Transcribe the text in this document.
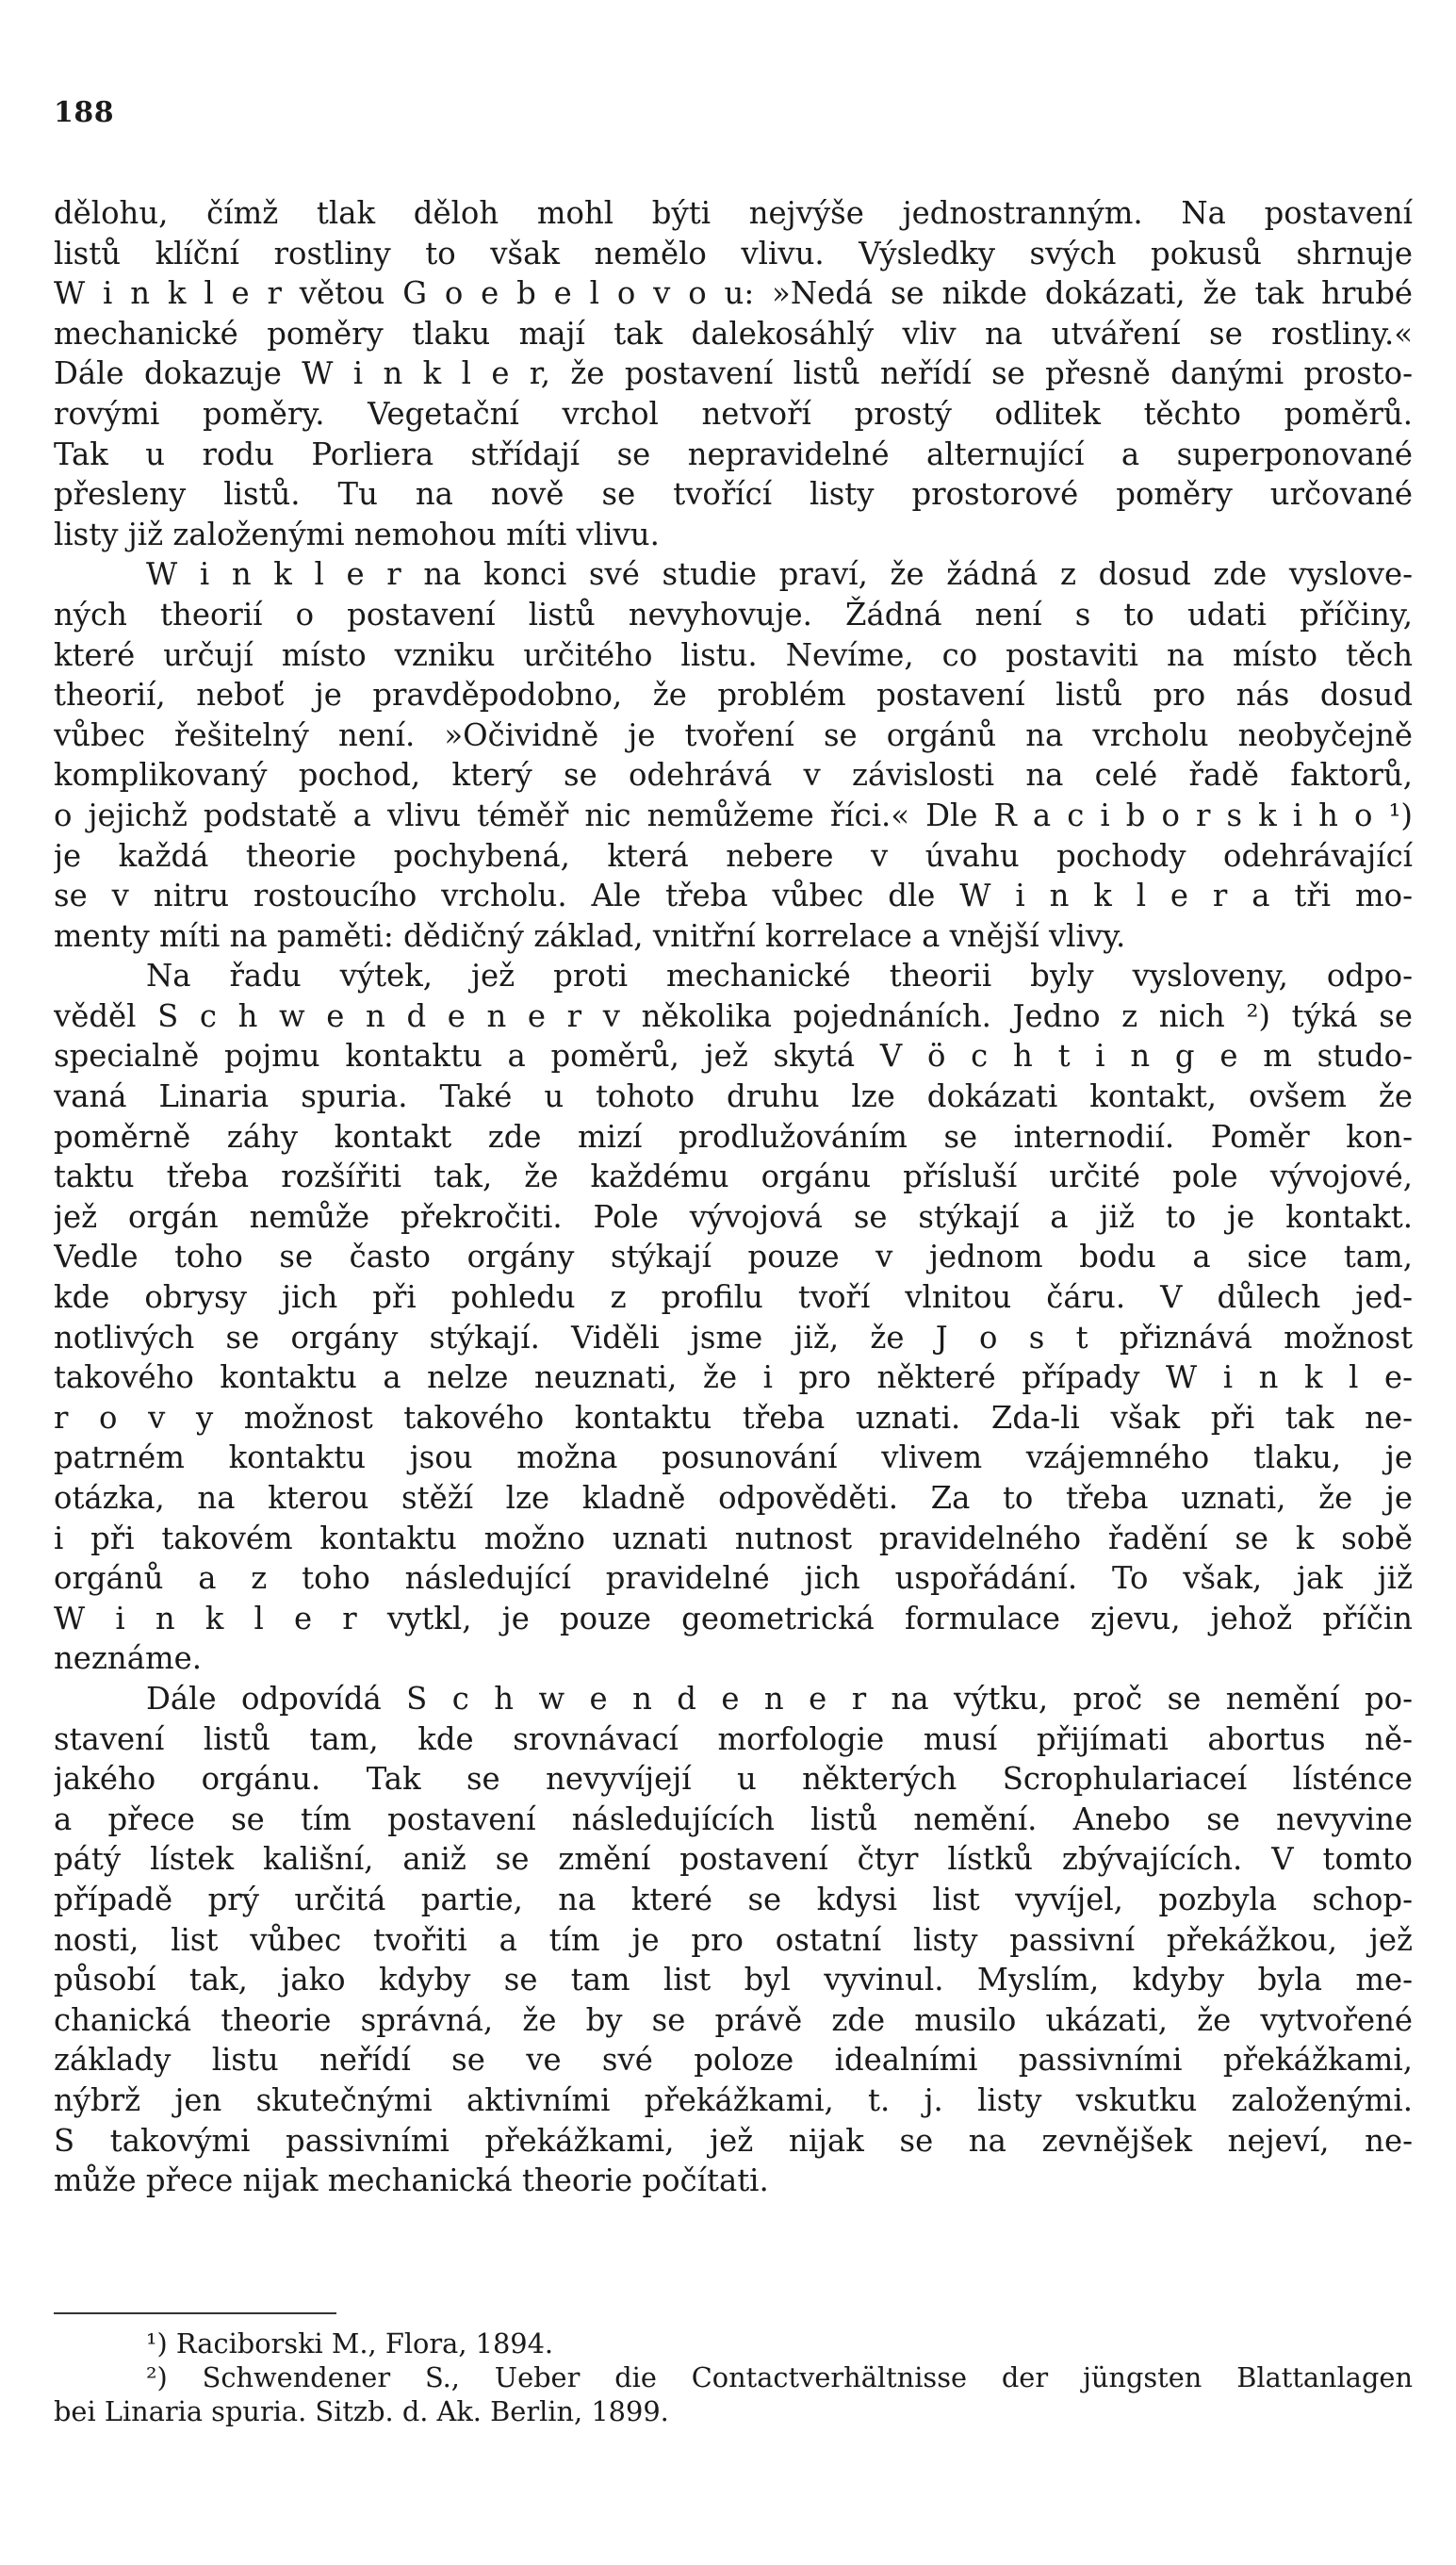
188
dělohu, čímž tlak děloh mohl býti nejvýše jednostranným. Na postavení
listů klíční rostliny to však nemělo vlivu. Výsledky svých pokusů shrnuje
W i n k l e r větou G o e b e l o v o u: »Nedá se nikde dokázati, že tak hrubé
mechanické poměry tlaku mají tak dalekosáhlý vliv na utváření se rostliny.«
Dále dokazuje W i n k l e r, že postavení listů neřídí se přesně danými prosto-
rovými poměry. Vegetační vrchol netvoří prostý odlitek těchto poměrů.
Tak u rodu Porliera střídají se nepravidelné alternující a superponované
přesleny listů. Tu na nově se tvořící listy prostorové poměry určované
listy již založenými nemohou míti vlivu.
W i n k l e r na konci své studie praví, že žádná z dosud zde vyslove-
ných theorií o postavení listů nevyhovuje. Žádná není s to udati příčiny,
které určují místo vzniku určitého listu. Nevíme, co postaviti na místo těch
theorií, neboť je pravděpodobno, že problém postavení listů pro nás dosud
vůbec řešitelný není. »Očividně je tvoření se orgánů na vrcholu neobyčejně
komplikovaný pochod, který se odehrává v závislosti na celé řadě faktorů,
o jejichž podstatě a vlivu téměř nic nemůžeme říci.« Dle R a c i b o r s k i h o ¹)
je každá theorie pochybená, která nebere v úvahu pochody odehrávající
se v nitru rostoucího vrcholu. Ale třeba vůbec dle W i n k l e r a tři mo-
menty míti na paměti: dědičný základ, vnitřní korrelace a vnější vlivy.
Na řadu výtek, jež proti mechanické theorii byly vysloveny, odpo-
věděl S c h w e n d e n e r v několika pojednáních. Jedno z nich ²) týká se
specialně pojmu kontaktu a poměrů, jež skytá V ö c h t i n g e m studo-
vaná Linaria spuria. Také u tohoto druhu lze dokázati kontakt, ovšem že
poměrně záhy kontakt zde mizí prodlužováním se internodií. Poměr kon-
taktu třeba rozšířiti tak, že každému orgánu přísluší určité pole vývojové,
jež orgán nemůže překročiti. Pole vývojová se stýkají a již to je kontakt.
Vedle toho se často orgány stýkají pouze v jednom bodu a sice tam,
kde obrysy jich při pohledu z profilu tvoří vlnitou čáru. V důlech jed-
notlivých se orgány stýkají. Viděli jsme již, že J o s t přiznává možnost
takového kontaktu a nelze neuznati, že i pro některé případy W i n k l e-
r o v y možnost takového kontaktu třeba uznati. Zda-li však při tak ne-
patrném kontaktu jsou možna posunování vlivem vzájemného tlaku, je
otázka, na kterou stěží lze kladně odpověděti. Za to třeba uznati, že je
i při takovém kontaktu možno uznati nutnost pravidelného řadění se k sobě
orgánů a z toho následující pravidelné jich uspořádání. To však, jak již
W i n k l e r vytkl, je pouze geometrická formulace zjevu, jehož příčin
neznáme.
Dále odpovídá S c h w e n d e n e r na výtku, proč se nemění po-
stavení listů tam, kde srovnávací morfologie musí přijímati abortus ně-
jakého orgánu. Tak se nevyvíjejí u některých Scrophulariaceí lísténce
a přece se tím postavení následujících listů nemění. Anebo se nevyvine
pátý lístek kališní, aniž se změní postavení čtyr lístků zbývajících. V tomto
případě prý určitá partie, na které se kdysi list vyvíjel, pozbyla schop-
nosti, list vůbec tvořiti a tím je pro ostatní listy passivní překážkou, jež
působí tak, jako kdyby se tam list byl vyvinul. Myslím, kdyby byla me-
chanická theorie správná, že by se právě zde musilo ukázati, že vytvořené
základy listu neřídí se ve své poloze idealními passivními překážkami,
nýbrž jen skutečnými aktivními překážkami, t. j. listy vskutku založenými.
S takovými passivními překážkami, jež nijak se na zevnějšek nejeví, ne-
může přece nijak mechanická theorie počítati.
¹) Raciborski M., Flora, 1894.
²) Schwendener S., Ueber die Contactverhältnisse der jüngsten Blattanlagen
bei Linaria spuria. Sitzb. d. Ak. Berlin, 1899.
